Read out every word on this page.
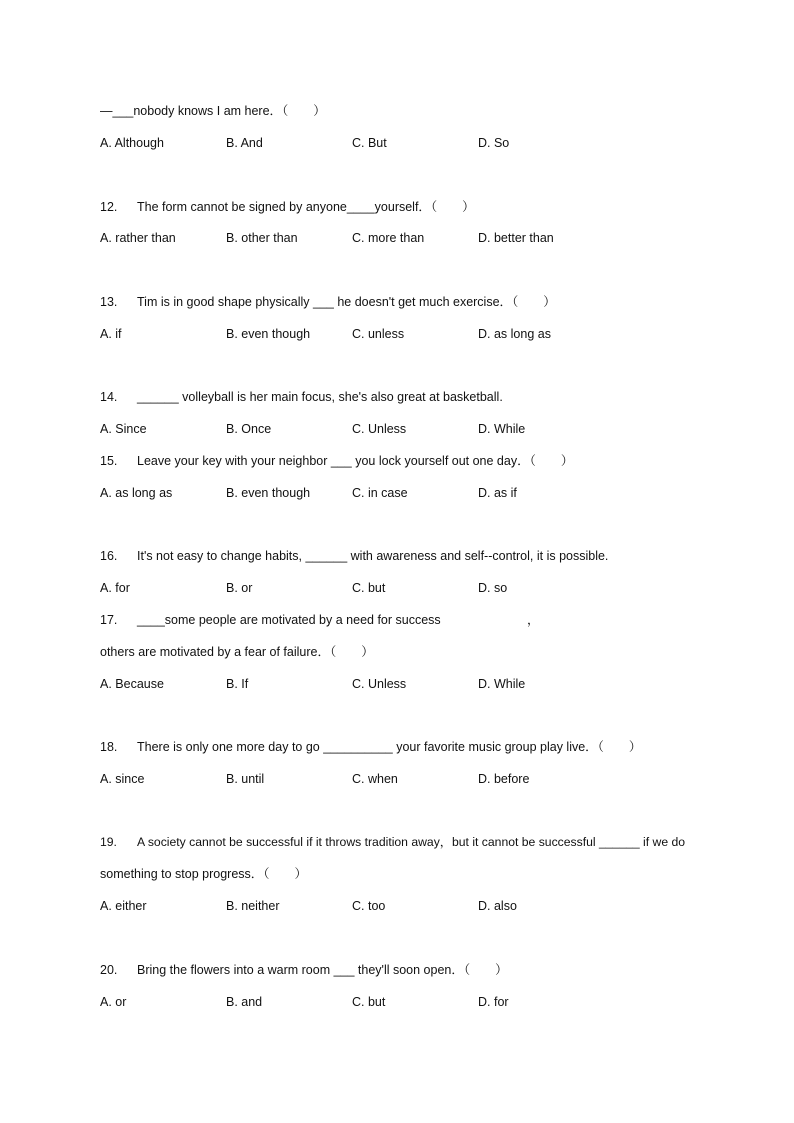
—___nobody knows I am here．（　　）
A. Although	B. And	C. But	D. So
12. The form cannot be signed by anyone____yourself．（　　）
A. rather than	B. other than	C. more than	D. better than
13. Tim is in good shape physically ___ he doesn't get much exercise．（　　）
A. if	B. even though	C. unless	D. as long as
14. ______ volleyball is her main focus, she's also great at basketball.
A. Since	B. Once	C. Unless	D. While
15. Leave your key with your neighbor ___ you lock yourself out one day．（　　）
A. as long as	B. even though	C. in case	D. as if
16. It's not easy to change habits, ______ with awareness and self--control, it is possible.
A. for	B. or	C. but	D. so
17. ____some people are motivated by a need for success	，
others are motivated by a fear of failure．（　　）
A. Because	B. If	C. Unless	D. While
18. There is only one more day to go __________ your favorite music group play live．（　　）
A. since	B. until	C. when	D. before
19. A society cannot be successful if it throws tradition away，but it cannot be successful ______ if we do
something to stop progress．（　　）
A. either	B. neither	C. too	D. also
20. Bring the flowers into a warm room ___ they'll soon open．（　　）
A. or	B. and	C. but	D. for
